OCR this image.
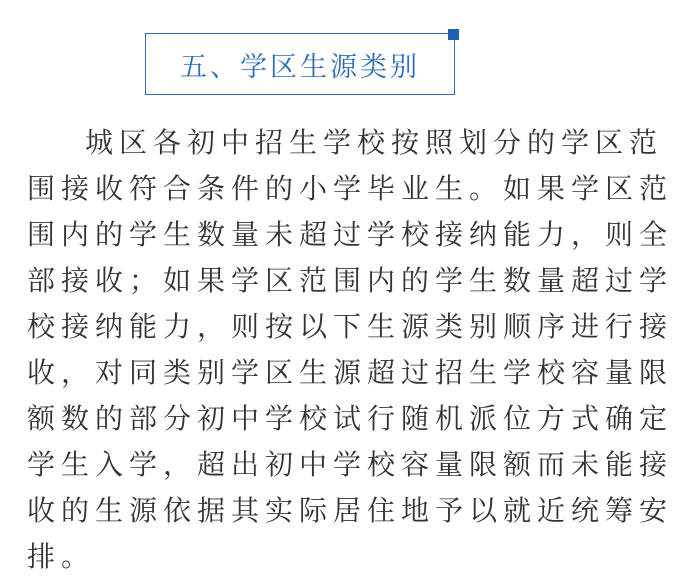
五、学区生源类别

城区各初中招生学校按照划分的学区范
围接收符合条件的小学毕业生。如果学区范
围内的学生数量未超过学校接纳能力，则全
部接收；如果学区范围内的学生数量超过学
校接纳能力，则按以下生源类别顺序进行接
收，对同类别学区生源超过招生学校容量限
额数的部分初中学校试行随机派位方式确定
学生入学，超出初中学校容量限额而未能接
收的生源依据其实际居住地予以就近统筹安
排。
